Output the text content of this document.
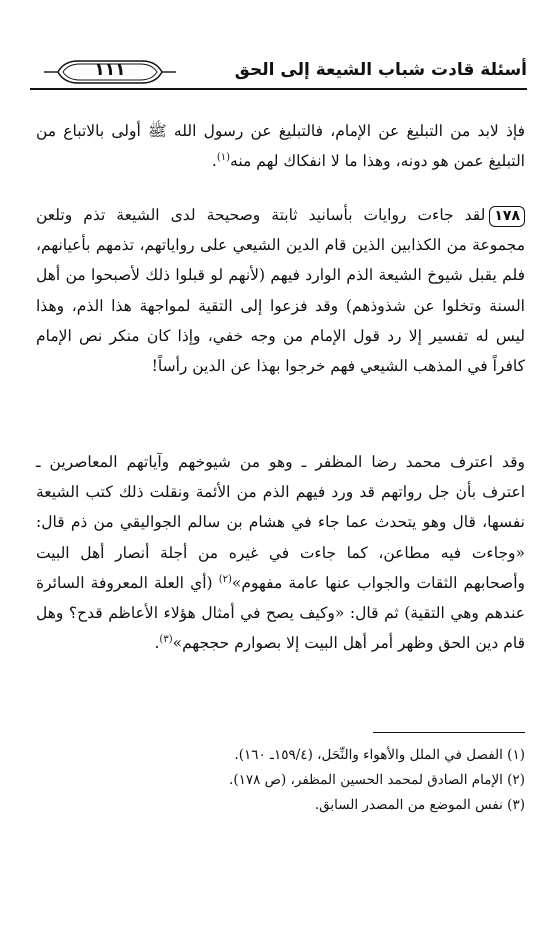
١١١	أسئلة قادت شباب الشيعة إلى الحق

فإذ لابد من التبليغ عن الإمام، فالتبليغ عن رسول الله ﷺ أولى بالاتباع من التبليغ عمن هو دونه، وهذا ما لا انفكاك لهم منه$^{(١)}$.

١٧٨لقد جاءت روايات بأسانيد ثابتة وصحيحة لدى الشيعة تذم وتلعن مجموعة من الكذابين الذين قام الدين الشيعي على رواياتهم، تذمهم بأعيانهم، فلم يقبل شيوخ الشيعة الذم الوارد فيهم (لأنهم لو قبلوا ذلك لأصبحوا من أهل السنة وتخلوا عن شذوذهم) وقد فزعوا إلى التقية لمواجهة هذا الذم، وهذا ليس له تفسير إلا رد قول الإمام من وجه خفي، وإذا كان منكر نص الإمام كافراً في المذهب الشيعي فهم خرجوا بهذا عن الدين رأساً!

وقد اعترف محمد رضا المظفر ـ وهو من شيوخهم وآياتهم المعاصرين ـ اعترف بأن جل رواتهم قد ورد فيهم الذم من الأئمة ونقلت ذلك كتب الشيعة نفسها، قال وهو يتحدث عما جاء في هشام بن سالم الجواليقي من ذم قال: «وجاءت فيه مطاعن، كما جاءت في غيره من أجلة أنصار أهل البيت وأصحابهم الثقات والجواب عنها عامة مفهوم»$^{(٢)}$ (أي العلة المعروفة السائرة عندهم وهي التقية) ثم قال: «وكيف يصح في أمثال هؤلاء الأعاظم قدح؟ وهل قام دين الحق وظهر أمر أهل البيت إلا بصوارم حججهم»$^{(٣)}$.

(١) الفصل في الملل والأهواء والنِّحَل، (١٥٩/٤ـ ١٦٠).
(٢) الإمام الصادق لمحمد الحسين المظفر، (ص ١٧٨).
(٣) نفس الموضع من المصدر السابق.
